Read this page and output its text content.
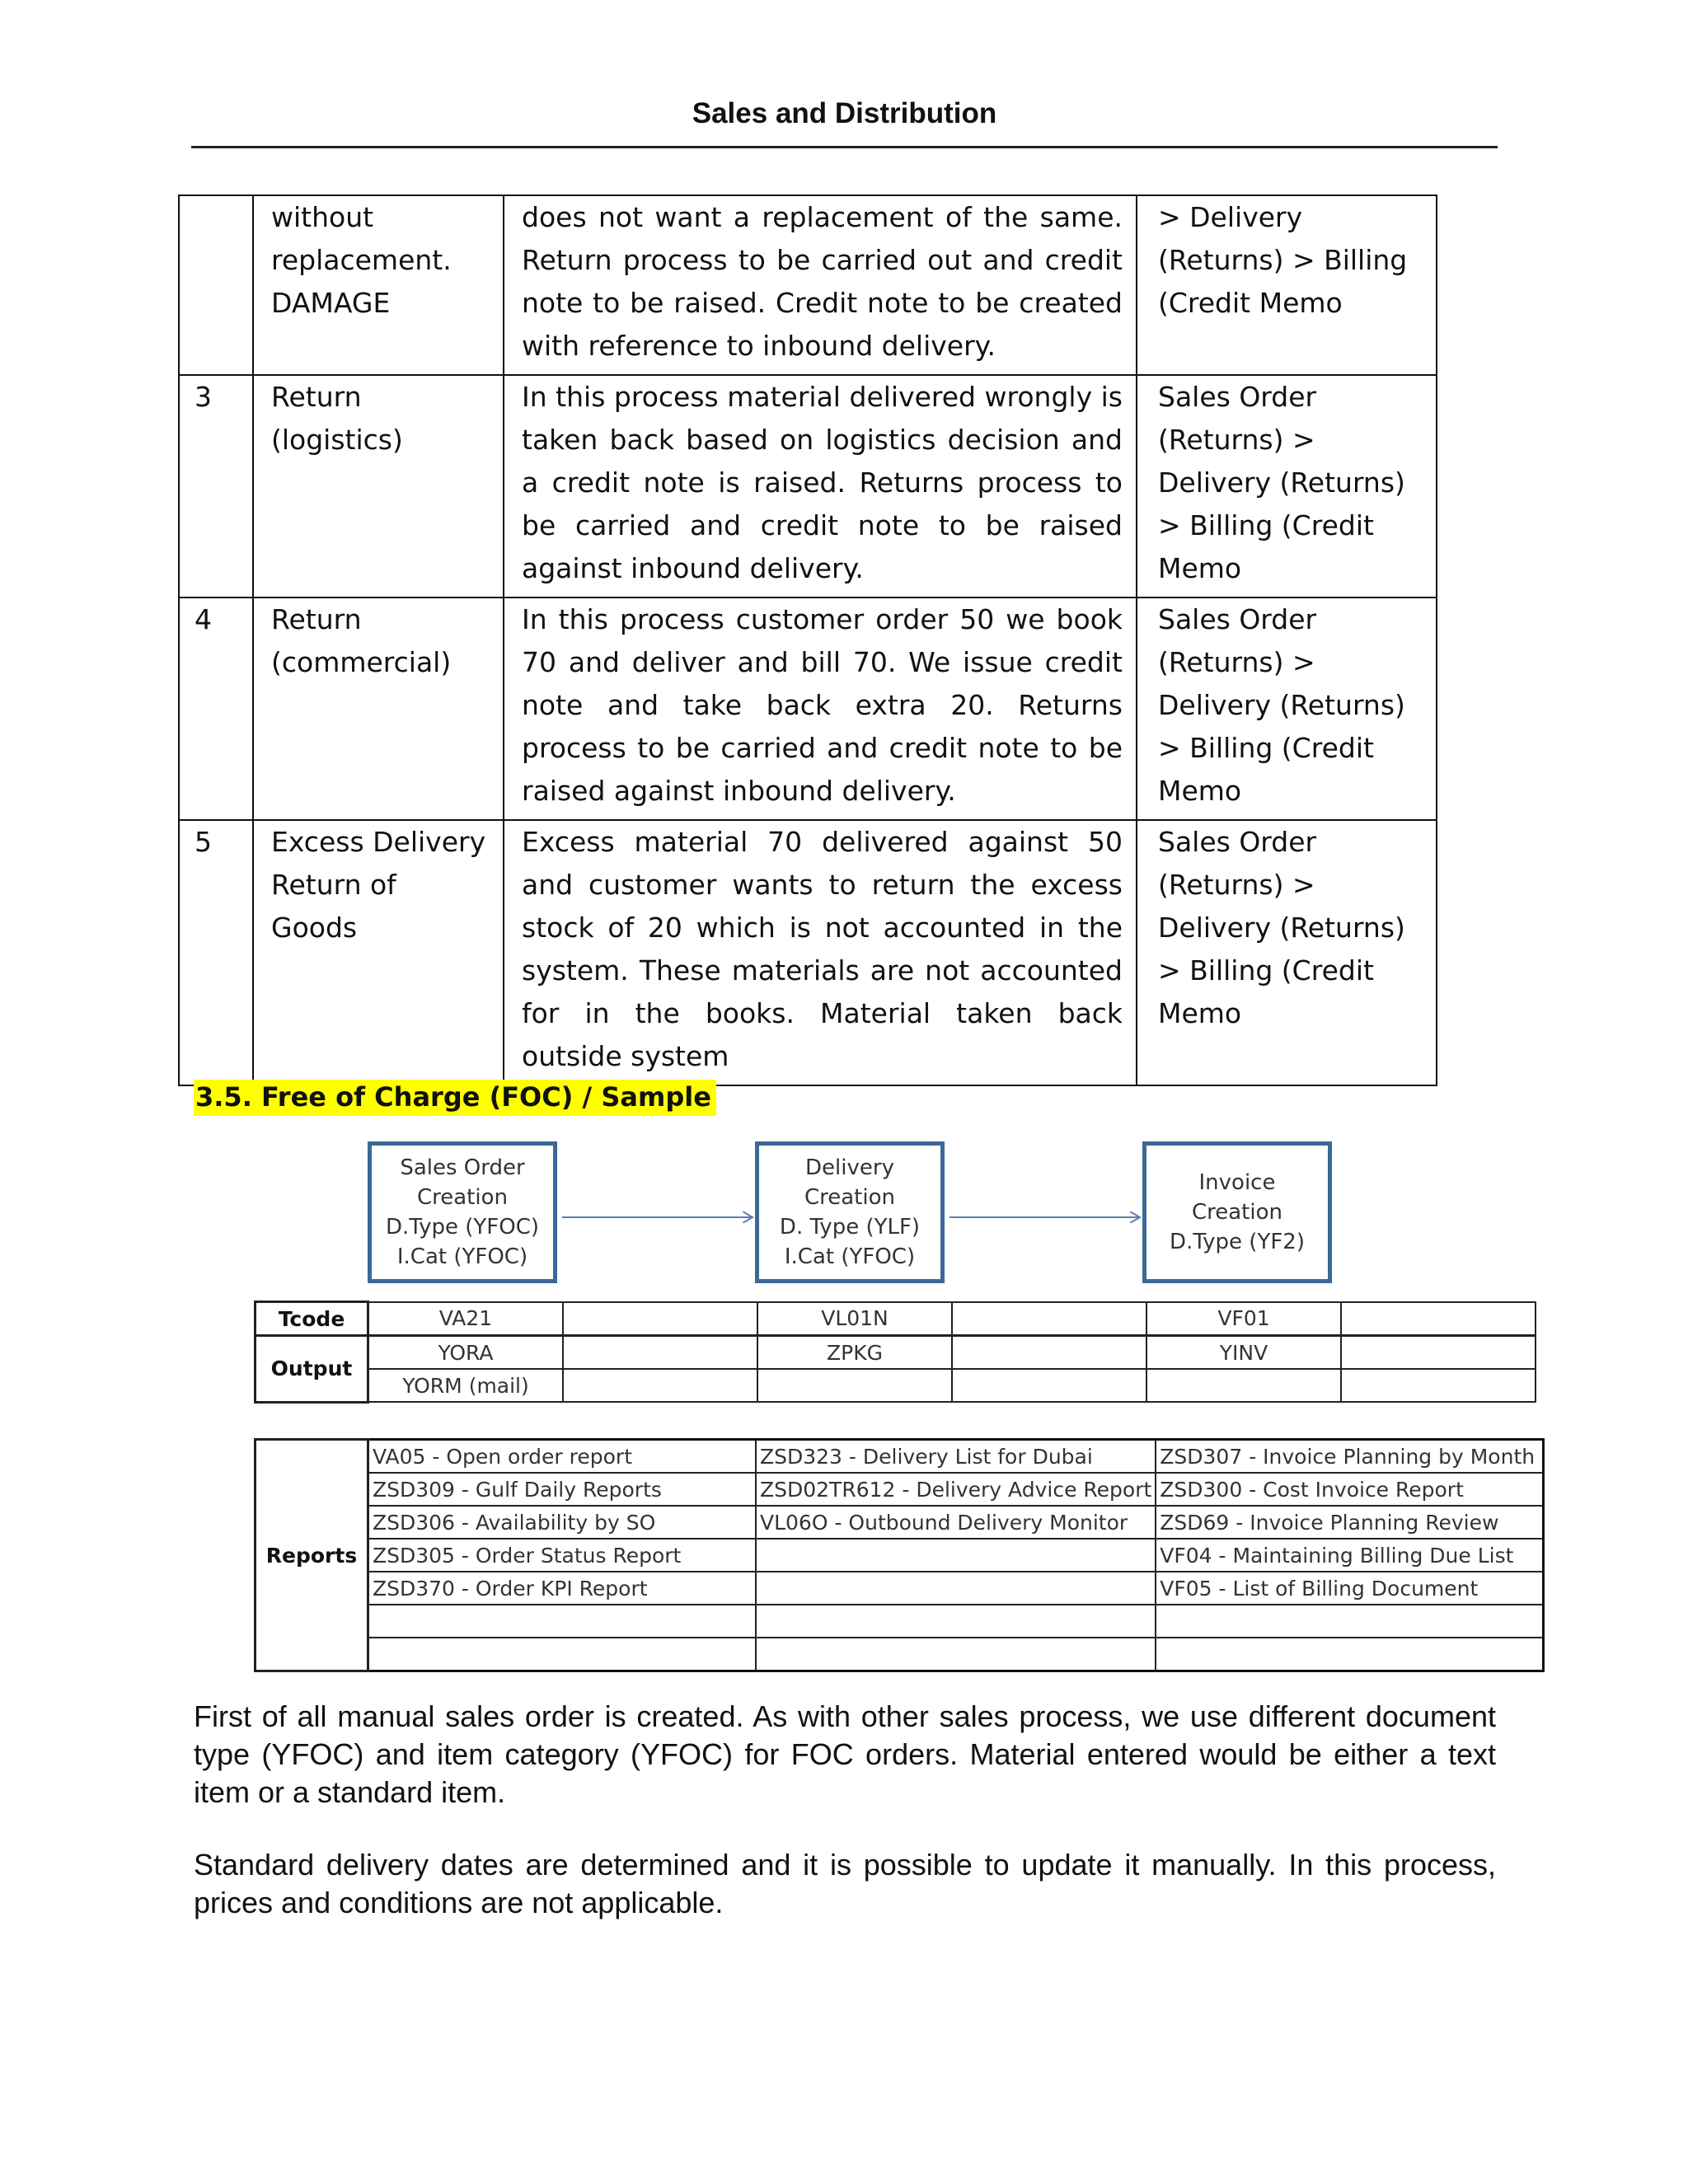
Sales and Distribution
	without replacement. DAMAGE	does not want a replacement of the same. Return process to be carried out and credit note to be raised. Credit note to be created with reference to inbound delivery.	> Delivery (Returns) > Billing (Credit Memo
3	Return (logistics)	In this process material delivered wrongly is taken back based on logistics decision and a credit note is raised. Returns process to be carried and credit note to be raised against inbound delivery.	Sales Order (Returns) > Delivery (Returns) > Billing (Credit Memo
4	Return (commercial)	In this process customer order 50 we book 70 and deliver and bill 70. We issue credit note and take back extra 20. Returns process to be carried and credit note to be raised against inbound delivery.	Sales Order (Returns) > Delivery (Returns) > Billing (Credit Memo
5	Excess Delivery Return of Goods	Excess material 70 delivered against 50 and customer wants to return the excess stock of 20 which is not accounted in the system. These materials are not accounted for in the books. Material taken back outside system	Sales Order (Returns) > Delivery (Returns) > Billing (Credit Memo
3.5. Free of Charge (FOC) / Sample
Sales Order
Creation
D.Type (YFOC)
I.Cat (YFOC)
Delivery
Creation
D. Type (YLF)
I.Cat (YFOC)
Invoice
Creation
D.Type (YF2)
Tcode	VA21		VL01N		VF01	
Output	YORA		ZPKG		YINV	
	YORM (mail)					
Reports	VA05 - Open order report	ZSD323 - Delivery List for Dubai	ZSD307 - Invoice Planning by Month
	ZSD309 - Gulf Daily Reports	ZSD02TR612 - Delivery Advice Report	ZSD300 - Cost Invoice Report
	ZSD306 - Availability by SO	VL06O - Outbound Delivery Monitor	ZSD69 - Invoice Planning Review
	ZSD305 - Order Status Report		VF04 - Maintaining Billing Due List
	ZSD370 - Order KPI Report		VF05 - List of Billing Document

First of all manual sales order is created. As with other sales process, we use different document type (YFOC) and item category (YFOC) for FOC orders. Material entered would be either a text item or a standard item.

Standard delivery dates are determined and it is possible to update it manually. In this process, prices and conditions are not applicable.
